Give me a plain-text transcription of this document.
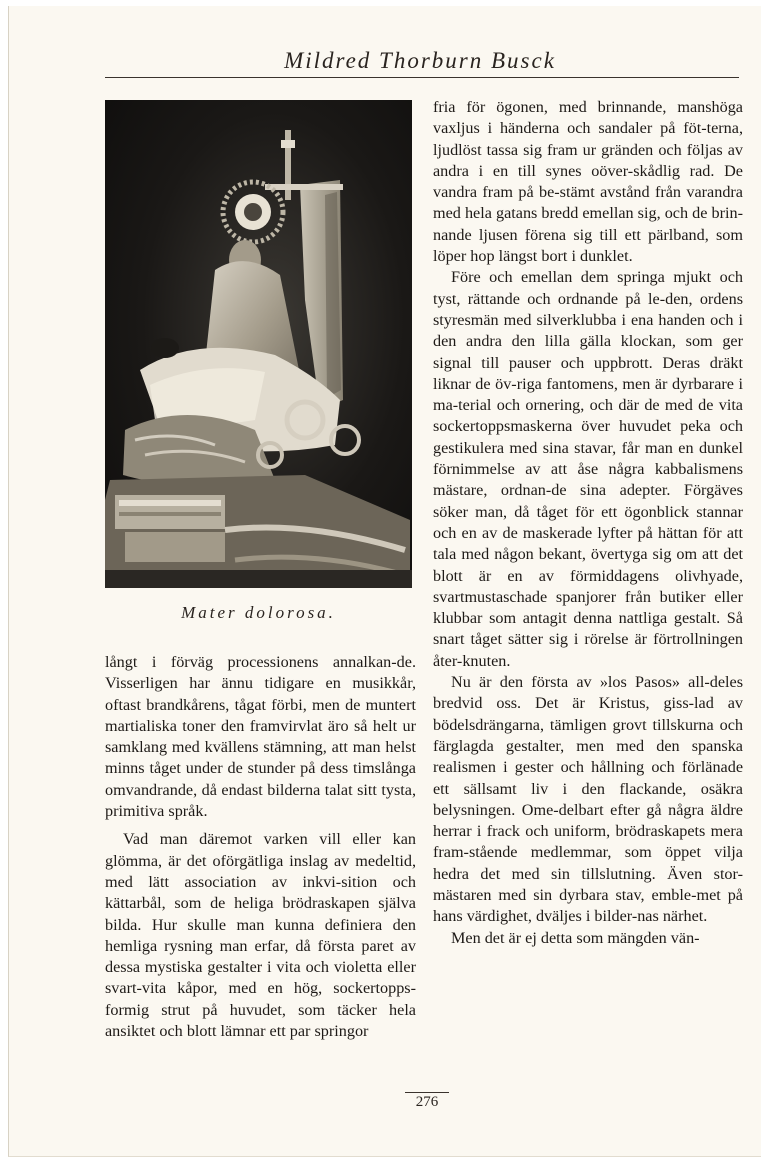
Mildred Thorburn Busck
Mater dolorosa.

långt i förväg processionens annalkan-de. Visserligen har ännu tidigare en musikkår, oftast brandkårens, tågat förbi, men de muntert martialiska toner den framvirvlat äro så helt ur samklang med kvällens stämning, att man helst minns tåget under de stunder på dess timslånga omvandrande, då endast bilderna talat sitt tysta, primitiva språk.

Vad man däremot varken vill eller kan glömma, är det oförgätliga inslag av medeltid, med lätt association av inkvi-sition och kättarbål, som de heliga brödraskapen själva bilda. Hur skulle man kunna definiera den hemliga rysning man erfar, då första paret av dessa mystiska gestalter i vita och violetta eller svart-vita kåpor, med en hög, sockertopps-formig strut på huvudet, som täcker hela ansiktet och blott lämnar ett par springor

fria för ögonen, med brinnande, manshöga vaxljus i händerna och sandaler på föt-terna, ljudlöst tassa sig fram ur gränden och följas av andra i en till synes oöver-skådlig rad. De vandra fram på be-stämt avstånd från varandra med hela gatans bredd emellan sig, och de brin-nande ljusen förena sig till ett pärlband, som löper hop längst bort i dunklet.

Före och emellan dem springa mjukt och tyst, rättande och ordnande på le-den, ordens styresmän med silverklubba i ena handen och i den andra den lilla gälla klockan, som ger signal till pauser och uppbrott. Deras dräkt liknar de öv-riga fantomens, men är dyrbarare i ma-terial och ornering, och där de med de vita sockertoppsmaskerna över huvudet peka och gestikulera med sina stavar, får man en dunkel förnimmelse av att åse några kabbalismens mästare, ordnan-de sina adepter. Förgäves söker man, då tåget för ett ögonblick stannar och en av de maskerade lyfter på hättan för att tala med någon bekant, övertyga sig om att det blott är en av förmiddagens olivhyade, svartmustaschade spanjorer från butiker eller klubbar som antagit denna nattliga gestalt. Så snart tåget sätter sig i rörelse är förtrollningen åter-knuten.

Nu är den första av »los Pasos» all-deles bredvid oss. Det är Kristus, giss-lad av bödelsdrängarna, tämligen grovt tillskurna och färglagda gestalter, men med den spanska realismen i gester och hållning och förlänade ett sällsamt liv i den flackande, osäkra belysningen. Ome-delbart efter gå några äldre herrar i frack och uniform, brödraskapets mera fram-stående medlemmar, som öppet vilja hedra det med sin tillslutning. Även stor-mästaren med sin dyrbara stav, emble-met på hans värdighet, dväljes i bilder-nas närhet.

Men det är ej detta som mängden vän-

276
